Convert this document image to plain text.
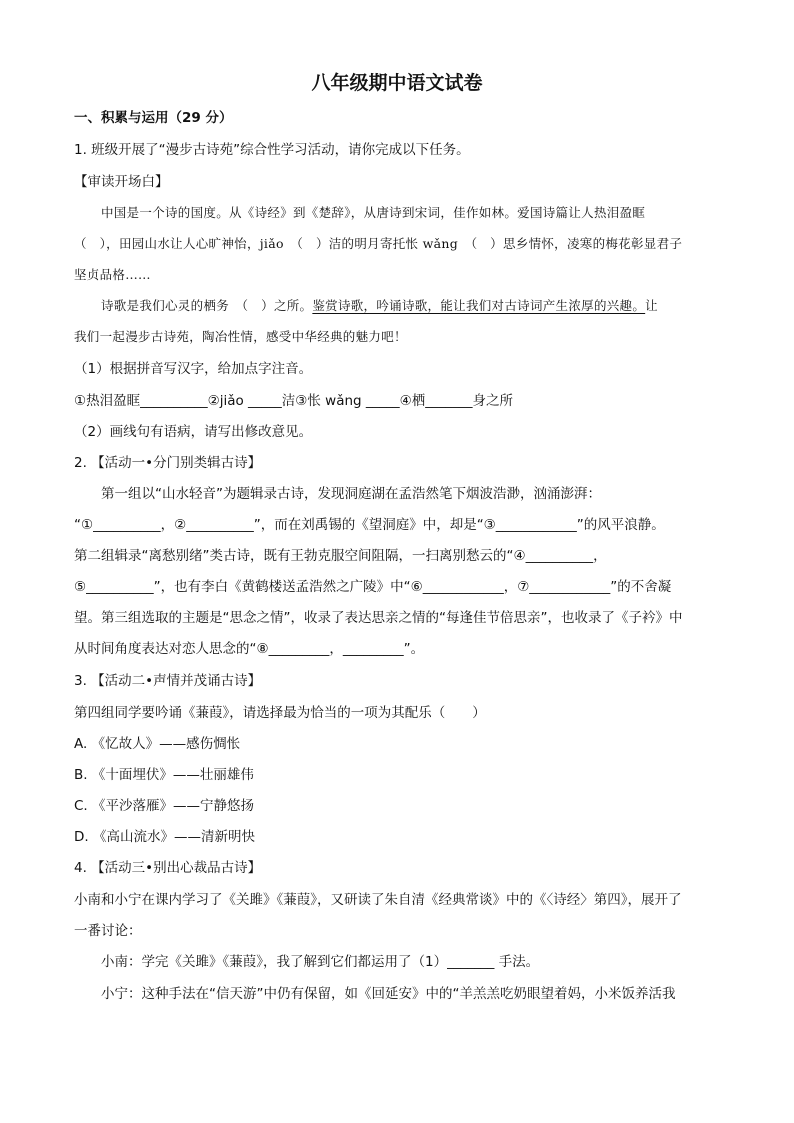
八年级期中语文试卷
一、积累与运用（29 分）
1. 班级开展了“漫步古诗苑”综合性学习活动，请你完成以下任务。
【审读开场白】
中国是一个诗的国度。从《诗经》到《楚辞》，从唐诗到宋词，佳作如林。爱国诗篇让人热泪盈眶
（　），田园山水让人心旷神怡，jiǎo　（　）洁的明月寄托怅 wǎng　（　）思乡情怀，凌寒的梅花彰显君子
坚贞品格……
诗歌是我们心灵的栖务　（　）之所。鉴赏诗歌，吟诵诗歌，能让我们对古诗词产生浓厚的兴趣。让
我们一起漫步古诗苑，陶冶性情，感受中华经典的魅力吧！
（1）根据拼音写汉字，给加点字注音。
①热泪盈眶__________②jiǎo _____洁③怅 wǎng _____④栖_______身之所
（2）画线句有语病，请写出修改意见。
2. 【活动一•分门别类辑古诗】
第一组以“山水轻音”为题辑录古诗，发现洞庭湖在孟浩然笔下烟波浩渺，汹涌澎湃：
“①__________，②__________”，而在刘禹锡的《望洞庭》中，却是“③____________”的风平浪静。
第二组辑录“离愁别绪”类古诗，既有王勃克服空间阻隔，一扫离别愁云的“④__________，
⑤__________”，也有李白《黄鹤楼送孟浩然之广陵》中“⑥____________，⑦____________”的不舍凝
望。第三组选取的主题是“思念之情”，收录了表达思亲之情的“每逢佳节倍思亲”，也收录了《子衿》中
从时间角度表达对恋人思念的“⑧_________，_________”。
3. 【活动二•声情并茂诵古诗】
第四组同学要吟诵《蒹葭》，请选择最为恰当的一项为其配乐（　　）
A. 《忆故人》——感伤惆怅
B. 《十面埋伏》——壮丽雄伟
C. 《平沙落雁》——宁静悠扬
D. 《高山流水》——清新明快
4. 【活动三•别出心裁品古诗】
小南和小宁在课内学习了《关雎》《蒹葭》，又研读了朱自清《经典常谈》中的《〈诗经〉第四》，展开了
一番讨论：
小南：学完《关雎》《蒹葭》，我了解到它们都运用了（1）_______ 手法。
小宁：这种手法在“信天游”中仍有保留，如《回延安》中的“羊羔羔吃奶眼望着妈，小米饭养活我
